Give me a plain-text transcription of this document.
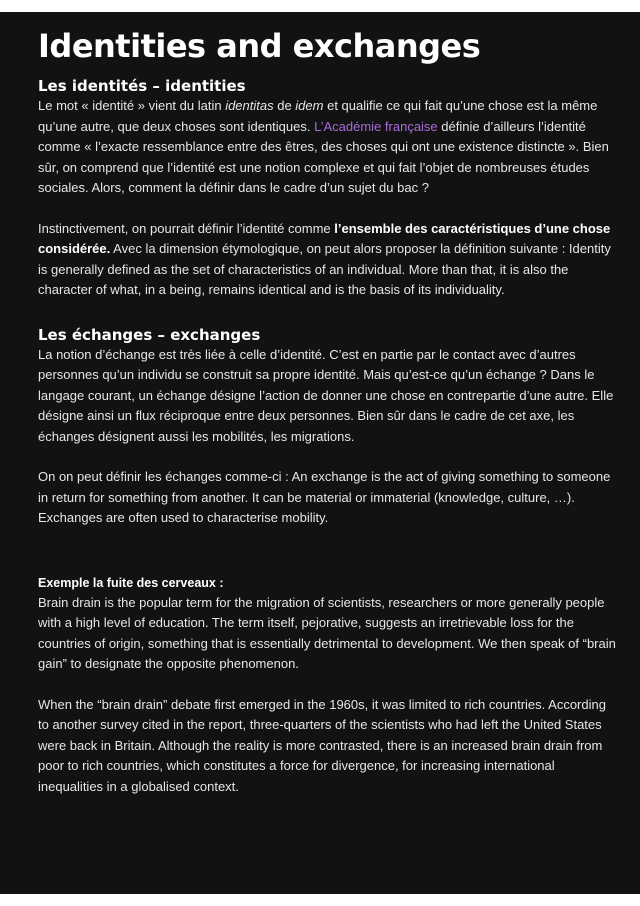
Identities and exchanges
Les identités – identities

Le mot « identité » vient du latin identitas de idem et qualifie ce qui fait qu’une chose est la même qu’une autre, que deux choses sont identiques. L’Académie française définie d’ailleurs l’identité comme « l’exacte ressemblance entre des êtres, des choses qui ont une existence distincte ». Bien sûr, on comprend que l’identité est une notion complexe et qui fait l’objet de nombreuses études sociales. Alors, comment la définir dans le cadre d’un sujet du bac ?

Instinctivement, on pourrait définir l’identité comme l’ensemble des caractéristiques d’une chose considérée. Avec la dimension étymologique, on peut alors proposer la définition suivante : Identity is generally defined as the set of characteristics of an individual. More than that, it is also the character of what, in a being, remains identical and is the basis of its individuality.

Les échanges – exchanges

La notion d’échange est très liée à celle d’identité. C’est en partie par le contact avec d’autres personnes qu’un individu se construit sa propre identité. Mais qu’est-ce qu’un échange ? Dans le langage courant, un échange désigne l’action de donner une chose en contrepartie d’une autre. Elle désigne ainsi un flux réciproque entre deux personnes. Bien sûr dans le cadre de cet axe, les échanges désignent aussi les mobilités, les migrations.

On on peut définir les échanges comme-ci : An exchange is the act of giving something to someone in return for something from another. It can be material or immaterial (knowledge, culture, …). Exchanges are often used to characterise mobility.

Exemple la fuite des cerveaux :

Brain drain is the popular term for the migration of scientists, researchers or more generally people with a high level of education. The term itself, pejorative, suggests an irretrievable loss for the countries of origin, something that is essentially detrimental to development. We then speak of “brain gain” to designate the opposite phenomenon.

When the “brain drain” debate first emerged in the 1960s, it was limited to rich countries. According to another survey cited in the report, three-quarters of the scientists who had left the United States were back in Britain. Although the reality is more contrasted, there is an increased brain drain from poor to rich countries, which constitutes a force for divergence, for increasing international inequalities in a globalised context.
